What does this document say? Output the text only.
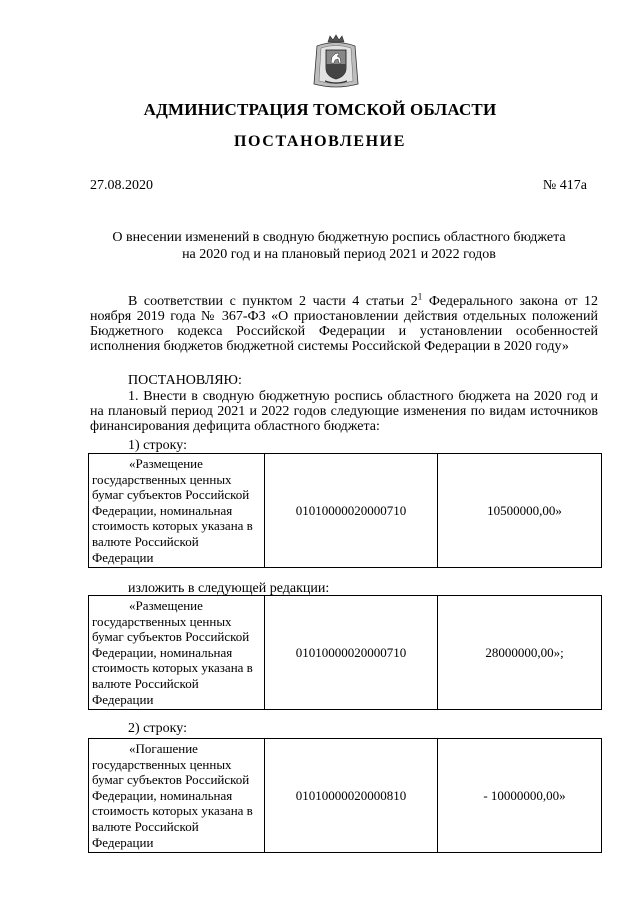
АДМИНИСТРАЦИЯ ТОМСКОЙ ОБЛАСТИ
ПОСТАНОВЛЕНИЕ
27.08.2020	№ 417а
О внесении изменений в сводную бюджетную роспись областного бюджета
на 2020 год и на плановый период 2021 и 2022 годов
В соответствии с пунктом 2 части 4 статьи $2^1$ Федерального закона от 12 ноября 2019 года № 367-ФЗ «О приостановлении действия отдельных положений Бюджетного кодекса Российской Федерации и установлении особенностей исполнения бюджетов бюджетной системы Российской Федерации в 2020 году»
ПОСТАНОВЛЯЮ:
1. Внести в сводную бюджетную роспись областного бюджета на 2020 год и на плановый период 2021 и 2022 годов следующие изменения по видам источников финансирования дефицита областного бюджета:
1) строку:
«Размещение
государственных ценных бумаг субъектов Российской Федерации, номинальная стоимость которых указана в валюте Российской Федерации
	01010000020000710	10500000,00»
изложить в следующей редакции:
«Размещение
государственных ценных бумаг субъектов Российской Федерации, номинальная стоимость которых указана в валюте Российской Федерации
	01010000020000710	28000000,00»;
2) строку:
«Погашение
государственных ценных бумаг субъектов Российской Федерации, номинальная стоимость которых указана в валюте Российской Федерации
	01010000020000810	- 10000000,00»
